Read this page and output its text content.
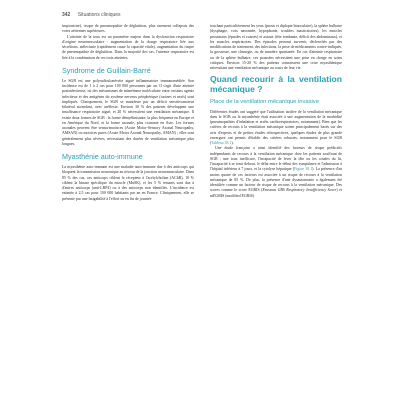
342 Situations cliniques

inspiratoire), risque de pneumopathie de déglutition, plus rarement collapsus des voies aériennes supérieures.

L'atteinte de la toux est un paramètre majeur dans la dysfonction respiratoire d'origine neuromusculaire : augmentation de la charge respiratoire liée aux sécrétions, atélectasie (rapidement cause la capacité vitale), augmentation du risque de pneumopathie de déglutition. Dans la majorité des cas, l'atteinte respiratoire est liée à la combinaison de ces trois atteintes.

Syndrome de Guillain-Barré

Le SGB est une polyradiculonévrite aiguë inflammatoire immunomédiée. Son incidence est de 1 à 2 cas pour 100 000 personnes par an. Il s'agit d'une atteinte postinfectieuse, où des mécanismes de mimétisme moléculaire entre certains agents infectieux et des antigènes du système nerveux périphérique (racines et nerfs) sont impliqués. Cliniquement, le SGB se manifeste par un déficit sensitivomoteur bilatéral ascendant, avec aréflexie. Environ 30 % des patients développent une insuffisance respiratoire aiguë, et 20 % nécessitent une ventilation mécanique. Il existe deux formes de SGB : la forme démyélinisante, la plus fréquente en Europe et en Amérique du Nord, et la forme axonale, plus courante en Asie. Les formes axonales peuvent être sensorimotrices (Acute Motor-Sensory Axonal Neuropathy, AMSAN) ou motrices pures (Acute Motor Axonal Neuropathy, AMAN) ; elles sont généralement plus sévères, nécessitant des durées de ventilation mécanique plus longues.

Myasthénie auto-immune

La myasthénie auto-immune est une maladie auto-immune due à des anticorps qui bloquent la transmission neuronique au niveau de la jonction neuromusculaire. Dans 85 % des cas, ces anticorps ciblent le récepteur à l'acétylcholine (AChR), 10 % ciblent la kinase spécifique du muscle (MuSK), et les 5 % restants sont dus à d'autres anticorps (anti-LRP4) ou à des anticorps non identifiés. L'incidence est estimée à 2,5 cas pour 100 000 habitants par an en France. Cliniquement, elle se présente par une fatigabilité à l'effort ou en fin de journée

touchant particulièrement les yeux (ptosis et diplopie binoculaire), la sphère bulbaire (dysphagie, voix nasonnée, hypophonie, troubles masticatoires), les muscles proximaux (épaules et cuisses) et axiaux (tête tombante, déficit des abdominaux), et les muscles respiratoires. Des épisodes peuvent survenir, déclenchés par des modifications de traitement, des infections, la prise de médicaments contre-indiqués, la grossesse, une chirurgie, ou de manière spontanée. En cas d'atteinte respiratoire ou de la sphère bulbaire, ces poussées nécessitent une prise en charge en soins critiques. Environ 15-20 % des patients connaissent une crise myasthénique nécessitant une ventilation mécanique au cours de leur vie.

Quand recourir à la ventilation mécanique ?
Place de la ventilation mécanique invasive

Différentes études ont suggéré que l'utilisation tardive de la ventilation mécanique dans le SGB ou la myasthénie était associée à une augmentation de la morbidité (pneumopathies d'inhalation et arrêts cardiorespiratoires, notamment). Bien que les critères de recours à la ventilation mécanique soient principalement basés sur des avis d'experts et de petites études rétrospectives, quelques études de plus grande envergure ont permis d'établir des critères robustes, notamment pour le SGB (Tableau 38.1).

Une étude française a ainsi identifié des facteurs de risque prédictifs indépendants de recours à la ventilation mécanique chez les patients souffrant de SGB : une toux inefficace, l'incapacité de lever la tête ou les coudes du lit, l'incapacité à se tenir debout, le délai entre le début des symptômes et l'admission à l'hôpital inférieur à 7 jours, et la cytolyse hépatique (Figure 38.1). La présence d'au moins quatre de ces facteurs est associée à un risque de recours à la ventilation mécanique de 85 %. De plus, la présence d'une dysautonomie a également été identifiée comme un facteur de risque de recours à la ventilation mécanique. Des scores comme le score EGRIS (Erasmus GBS Respiratory Insufficiency Score) et mEGRIS (modified EGRIS)
